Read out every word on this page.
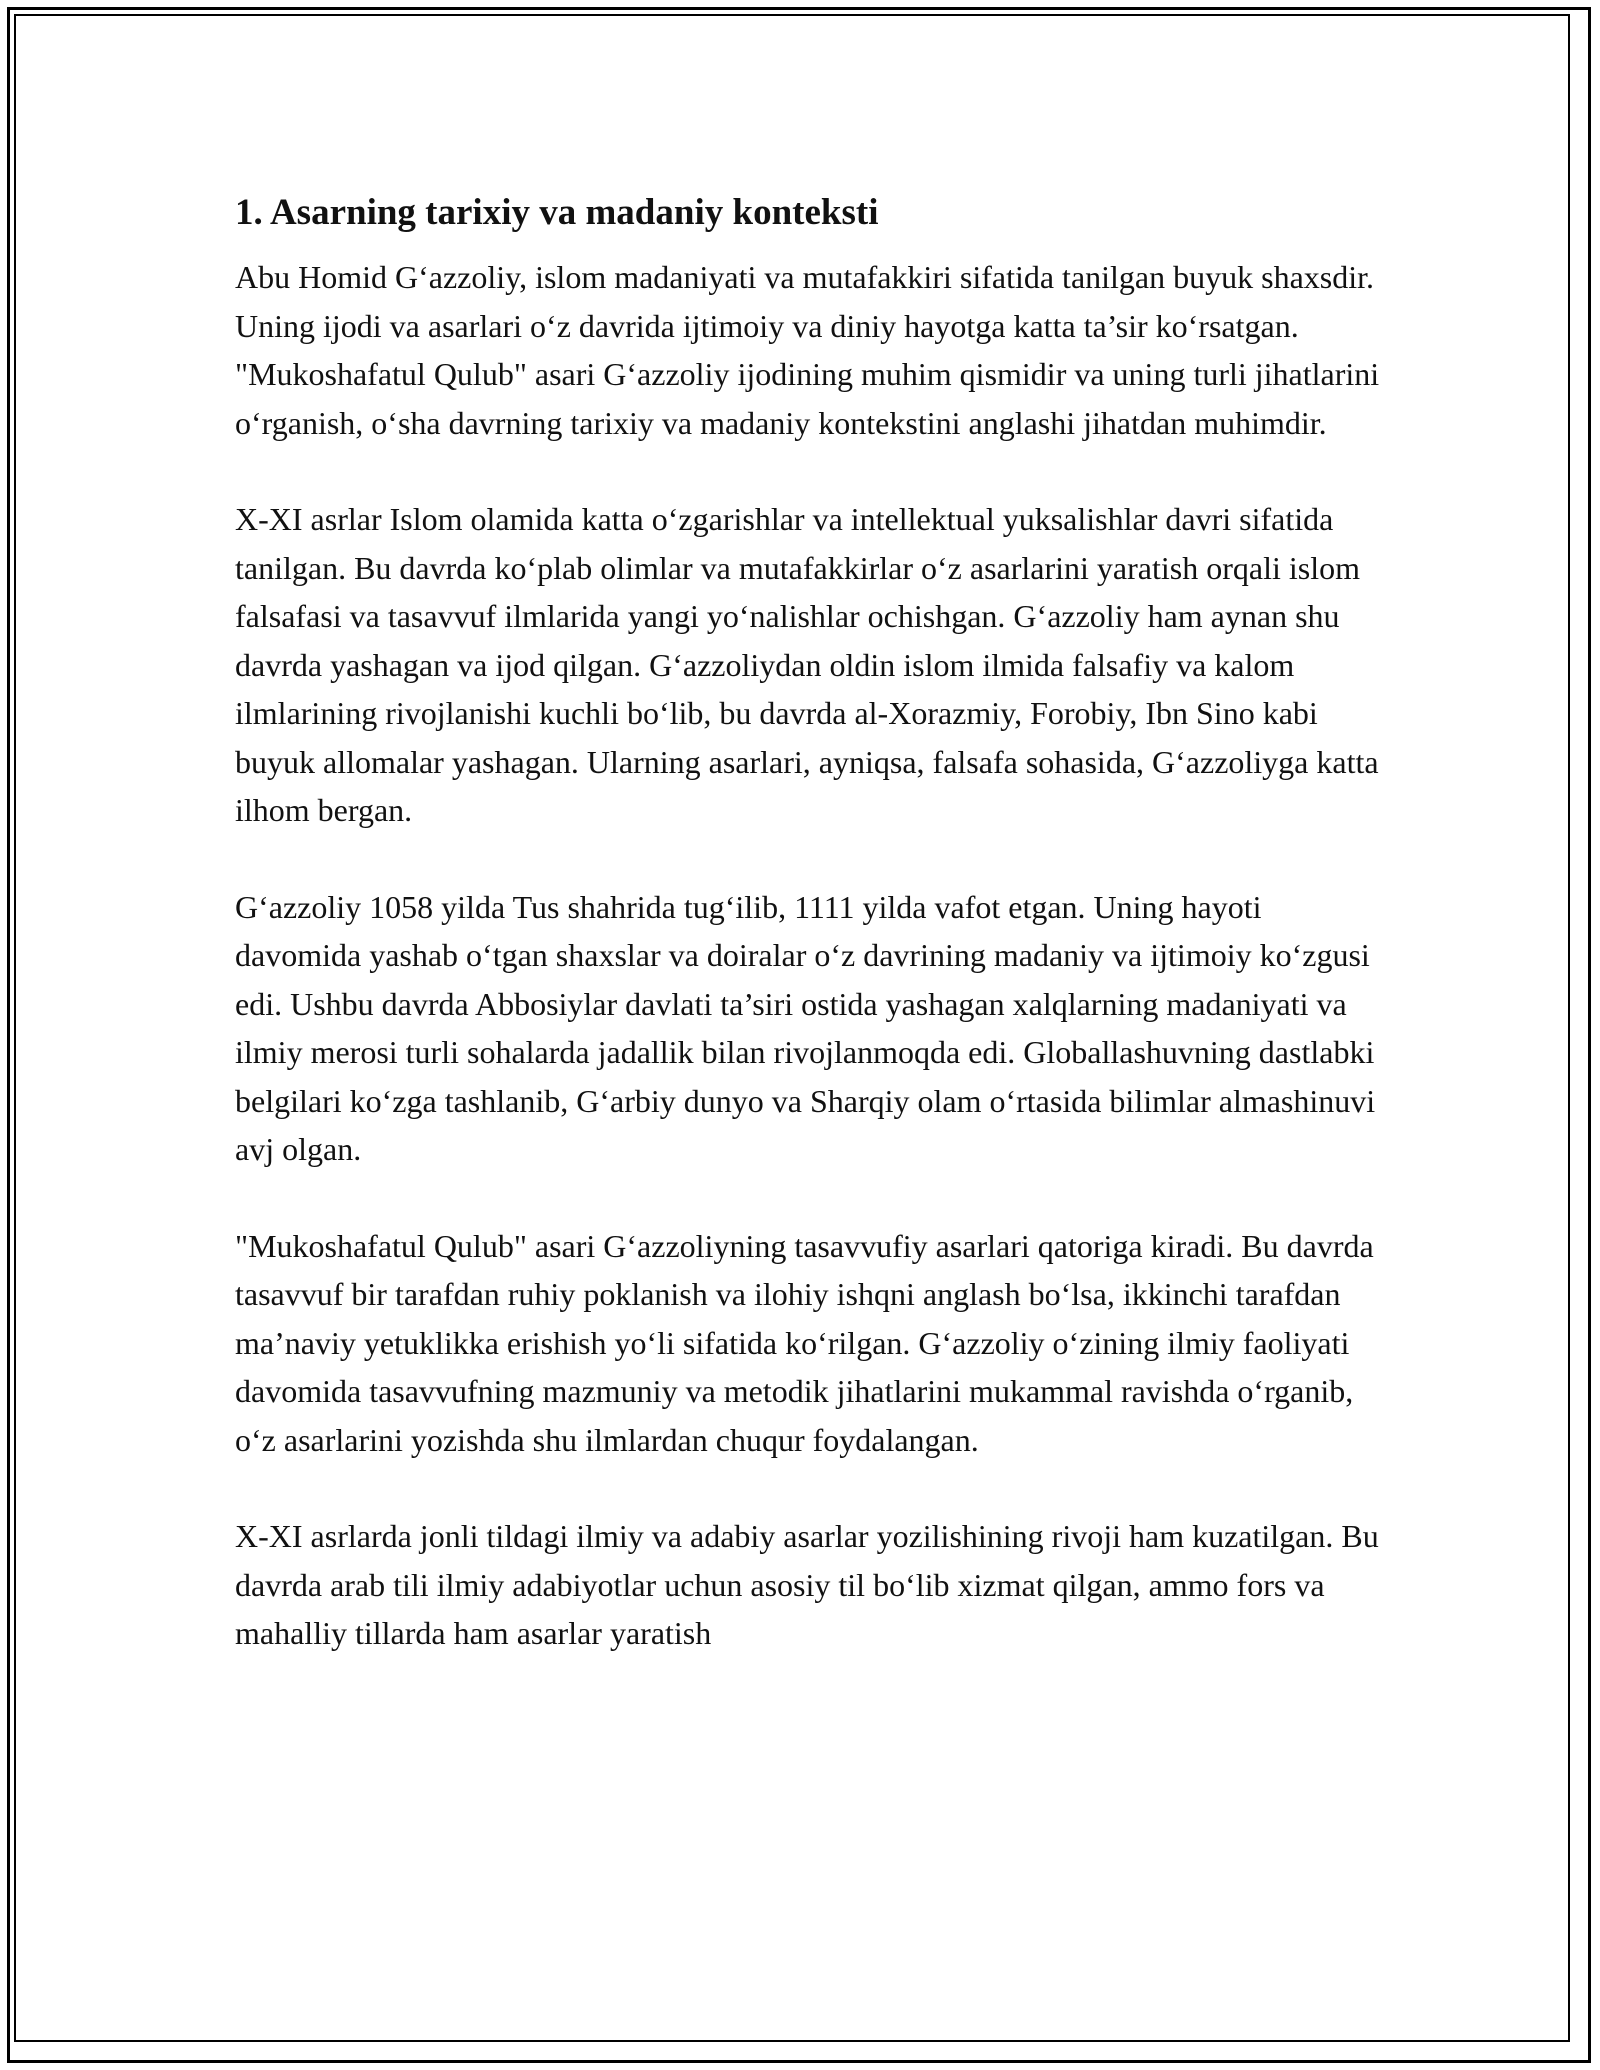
1. Asarning tarixiy va madaniy konteksti

Abu Homid G‘azzoliy, islom madaniyati va mutafakkiri sifatida tanilgan buyuk shaxsdir. Uning ijodi va asarlari o‘z davrida ijtimoiy va diniy hayotga katta ta’sir ko‘rsatgan. "Mukoshafatul Qulub" asari G‘azzoliy ijodining muhim qismidir va uning turli jihatlarini o‘rganish, o‘sha davrning tarixiy va madaniy kontekstini anglashi jihatdan muhimdir.

X-XI asrlar Islom olamida katta o‘zgarishlar va intellektual yuksalishlar davri sifatida tanilgan. Bu davrda ko‘plab olimlar va mutafakkirlar o‘z asarlarini yaratish orqali islom falsafasi va tasavvuf ilmlarida yangi yo‘nalishlar ochishgan. G‘azzoliy ham aynan shu davrda yashagan va ijod qilgan. G‘azzoliydan oldin islom ilmida falsafiy va kalom ilmlarining rivojlanishi kuchli bo‘lib, bu davrda al-Xorazmiy, Forobiy, Ibn Sino kabi buyuk allomalar yashagan. Ularning asarlari, ayniqsa, falsafa sohasida, G‘azzoliyga katta ilhom bergan.

G‘azzoliy 1058 yilda Tus shahrida tug‘ilib, 1111 yilda vafot etgan. Uning hayoti davomida yashab o‘tgan shaxslar va doiralar o‘z davrining madaniy va ijtimoiy ko‘zgusi edi. Ushbu davrda Abbosiylar davlati ta’siri ostida yashagan xalqlarning madaniyati va ilmiy merosi turli sohalarda jadallik bilan rivojlanmoqda edi. Globallashuvning dastlabki belgilari ko‘zga tashlanib, G‘arbiy dunyo va Sharqiy olam o‘rtasida bilimlar almashinuvi avj olgan.

"Mukoshafatul Qulub" asari G‘azzoliyning tasavvufiy asarlari qatoriga kiradi. Bu davrda tasavvuf bir tarafdan ruhiy poklanish va ilohiy ishqni anglash bo‘lsa, ikkinchi tarafdan ma’naviy yetuklikka erishish yo‘li sifatida ko‘rilgan. G‘azzoliy o‘zining ilmiy faoliyati davomida tasavvufning mazmuniy va metodik jihatlarini mukammal ravishda o‘rganib, o‘z asarlarini yozishda shu ilmlardan chuqur foydalangan.

X-XI asrlarda jonli tildagi ilmiy va adabiy asarlar yozilishining rivoji ham kuzatilgan. Bu davrda arab tili ilmiy adabiyotlar uchun asosiy til bo‘lib xizmat qilgan, ammo fors va mahalliy tillarda ham asarlar yaratish
